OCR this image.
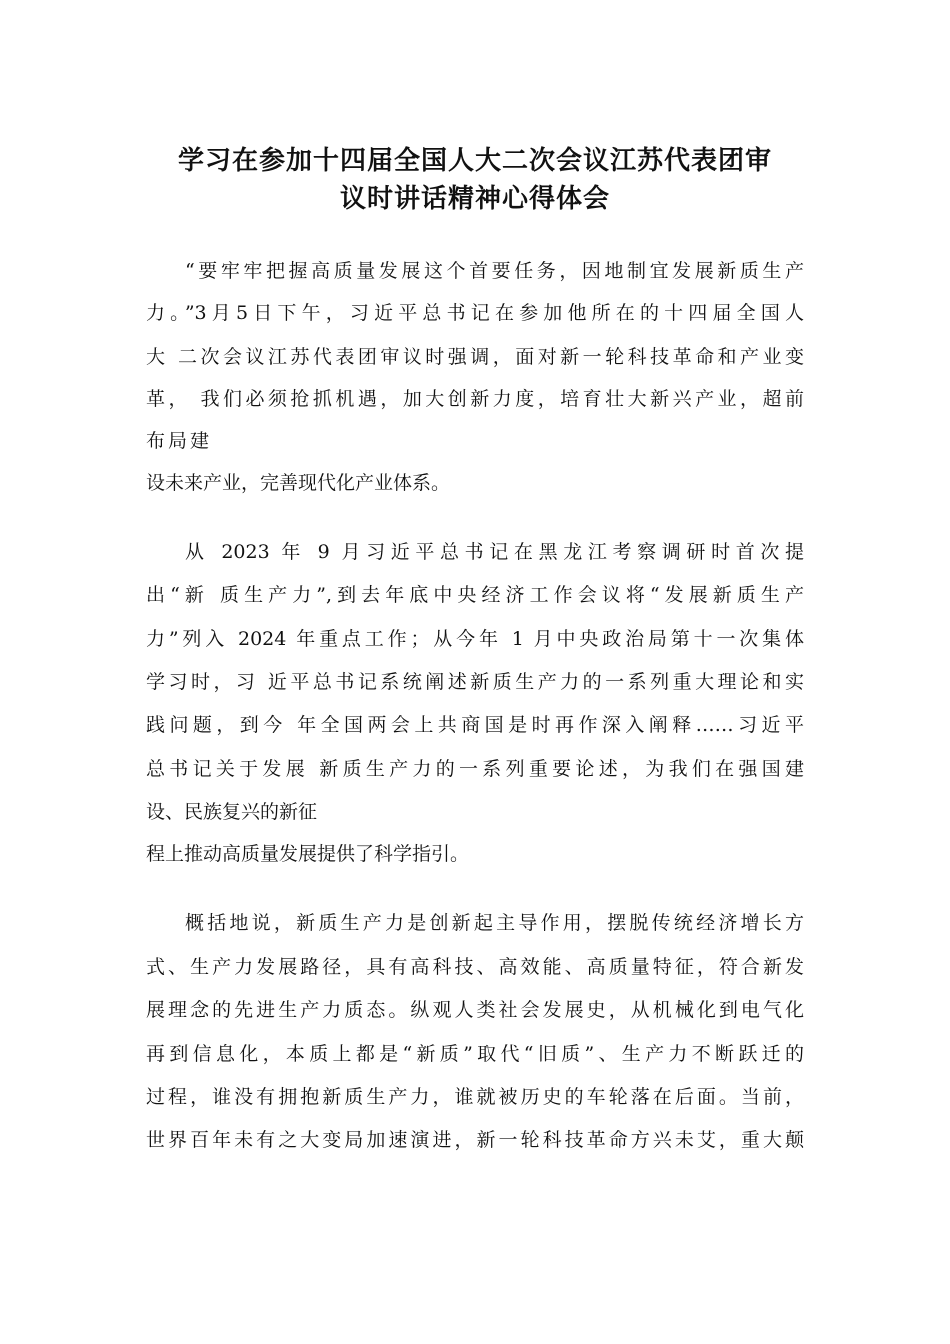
学习在参加十四届全国人大二次会议江苏代表团审
议时讲话精神心得体会
“要牢牢把握高质量发展这个首要任务，因地制宜发展新质生产
力。”3月5日下午，习近平总书记在参加他所在的十四届全国人
大 二次会议江苏代表团审议时强调，面对新一轮科技革命和产业变
革， 我们必须抢抓机遇，加大创新力度，培育壮大新兴产业，超前
布局建
设未来产业，完善现代化产业体系。
从 2023 年 9 月习近平总书记在黑龙江考察调研时首次提
出“新 质生产力”,到去年底中央经济工作会议将“发展新质生产
力”列入 2024 年重点工作；从今年 1 月中央政治局第十一次集体
学习时，习 近平总书记系统阐述新质生产力的一系列重大理论和实
践问题，到今 年全国两会上共商国是时再作深入阐释……习近平
总书记关于发展 新质生产力的一系列重要论述，为我们在强国建
设、民族复兴的新征
程上推动高质量发展提供了科学指引。
概括地说，新质生产力是创新起主导作用，摆脱传统经济增长方
式、生产力发展路径，具有高科技、高效能、高质量特征，符合新发
展理念的先进生产力质态。纵观人类社会发展史，从机械化到电气化
再到信息化，本质上都是“新质”取代“旧质”、生产力不断跃迁的
过程，谁没有拥抱新质生产力，谁就被历史的车轮落在后面。当前，
世界百年未有之大变局加速演进，新一轮科技革命方兴未艾，重大颠
